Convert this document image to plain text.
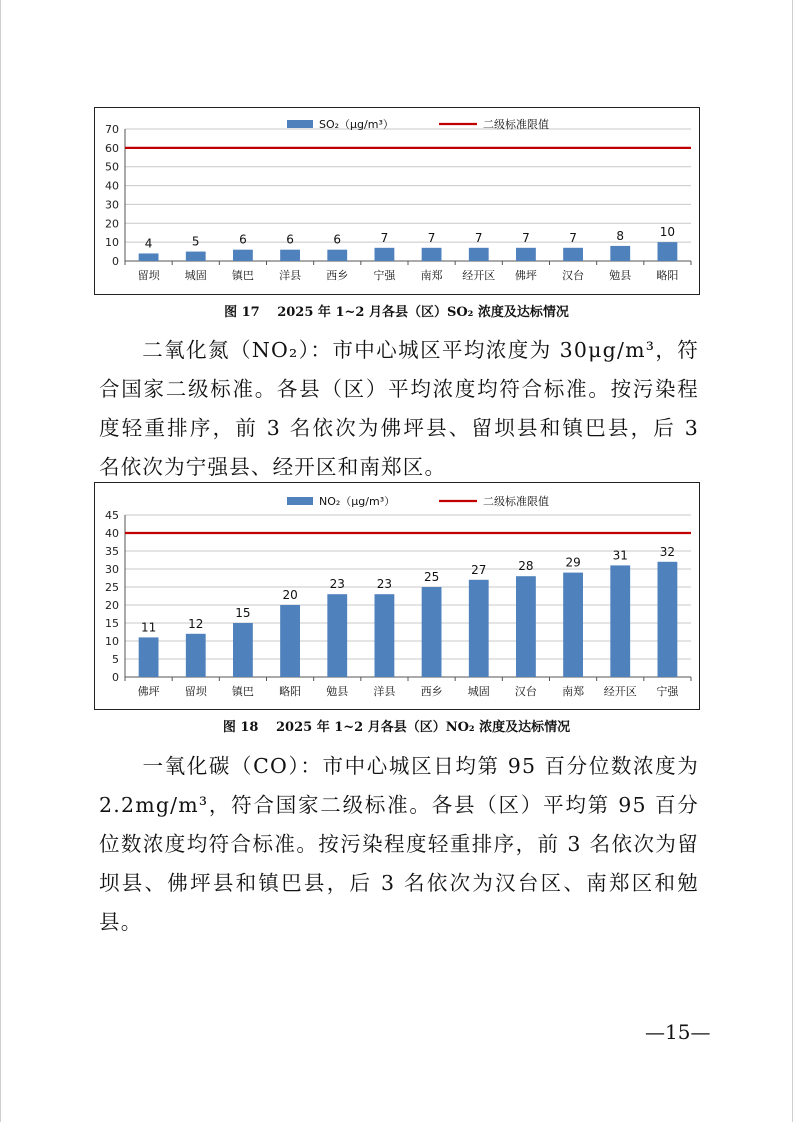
0
10
20
30
40
50
60
70
4
留坝
5
城固
6
镇巴
6
洋县
6
西乡
7
宁强
7
南郑
7
经开区
7
佛坪
7
汉台
8
勉县
10
略阳
SO₂（μg/m³）	二级标准限值
图 17　 2025 年 1~2 月各县（区）SO₂ 浓度及达标情况

二氧化氮（NO₂）：市中心城区平均浓度为 30μg/m³，符合国家二级标准。各县（区）平均浓度均符合标准。按污染程度轻重排序，前 3 名依次为佛坪县、留坝县和镇巴县，后 3 名依次为宁强县、经开区和南郑区。

0
5
10
15
20
25
30
35
40
45
11
佛坪
12
留坝
15
镇巴
20
略阳
23
勉县
23
洋县
25
西乡
27
城固
28
汉台
29
南郑
31
经开区
32
宁强
NO₂（μg/m³）	二级标准限值
图 18　 2025 年 1~2 月各县（区）NO₂ 浓度及达标情况

一氧化碳（CO）：市中心城区日均第 95 百分位数浓度为 2.2mg/m³，符合国家二级标准。各县（区）平均第 95 百分位数浓度均符合标准。按污染程度轻重排序，前 3 名依次为留坝县、佛坪县和镇巴县，后 3 名依次为汉台区、南郑区和勉县。

—15—
